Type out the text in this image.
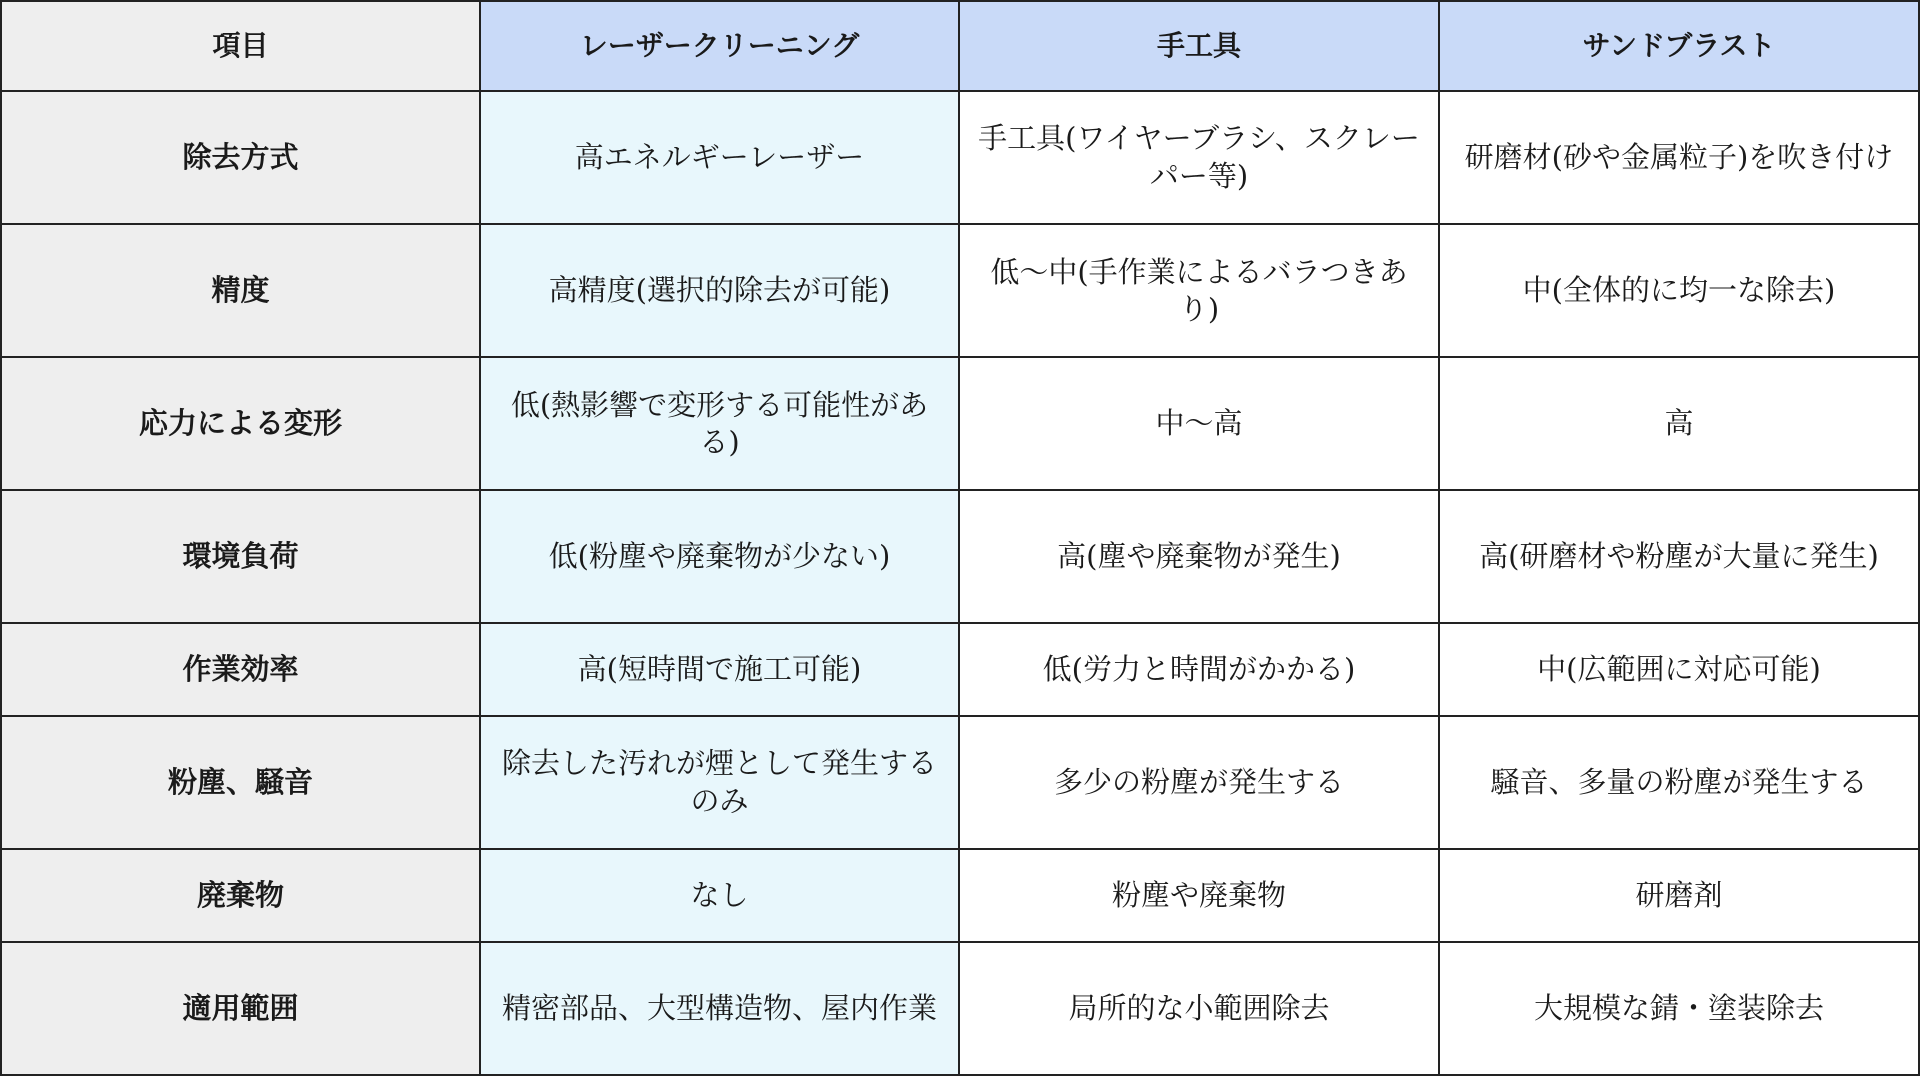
項目	レーザークリーニング	手工具	サンドブラスト
除去方式	高エネルギーレーザー	手工具(ワイヤーブラシ、スクレーパー等)	研磨材(砂や金属粒子)を吹き付け
精度	高精度(選択的除去が可能)	低～中(手作業によるバラつきあり)	中(全体的に均一な除去)
応力による変形	低(熱影響で変形する可能性がある)	中～高	高
環境負荷	低(粉塵や廃棄物が少ない)	高(塵や廃棄物が発生)	高(研磨材や粉塵が大量に発生)
作業効率	高(短時間で施工可能)	低(労力と時間がかかる)	中(広範囲に対応可能)
粉塵、騒音	除去した汚れが煙として発生するのみ	多少の粉塵が発生する	騒音、多量の粉塵が発生する
廃棄物	なし	粉塵や廃棄物	研磨剤
適用範囲	精密部品、大型構造物、屋内作業	局所的な小範囲除去	大規模な錆・塗装除去
